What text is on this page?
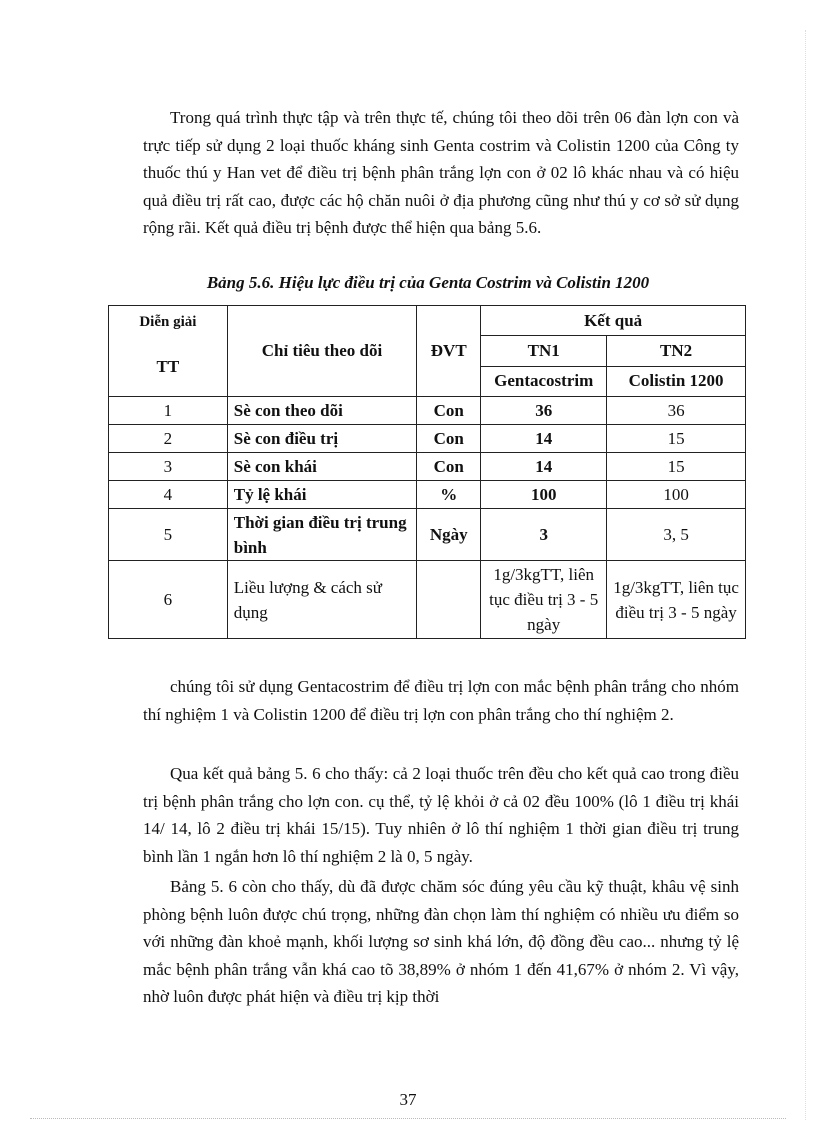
Trong quá trình thực tập và trên thực tế, chúng tôi theo dõi trên 06 đàn lợn con và trực tiếp sử dụng 2 loại thuốc kháng sinh Genta costrim và Colistin 1200 của Công ty thuốc thú y Han vet để điều trị bệnh phân trắng lợn con ở 02 lô khác nhau và có hiệu quả điều trị rất cao, được các hộ chăn nuôi ở địa phương cũng như thú y cơ sở sử dụng rộng rãi. Kết quả điều trị bệnh được thể hiện qua bảng 5.6.

Bảng 5.6. Hiệu lực điều trị của Genta Costrim và Colistin 1200

Diễn giải
TT	Chỉ tiêu theo dõi	ĐVT	Kết quả	
			TN1	TN2
			Gentacostrim	Colistin 1200
1	Sè con theo dõi	Con	36	36
2	Sè con điều trị	Con	14	15
3	Sè con khái	Con	14	15
4	Tỷ lệ khái	%	100	100
5	Thời gian điều trị trung bình	Ngày	3	3, 5
6	Liều lượng & cách sử dụng		1g/3kgTT, liên tục điều trị 3 - 5 ngày	1g/3kgTT, liên tục điều trị 3 - 5 ngày

chúng tôi sử dụng Gentacostrim để điều trị lợn con mắc bệnh phân trắng cho nhóm thí nghiệm 1 và Colistin 1200 để điều trị lợn con phân trắng cho thí nghiệm 2.

Qua kết quả bảng 5. 6 cho thấy: cả 2 loại thuốc trên đều cho kết quả cao trong điều trị bệnh phân trắng cho lợn con. cụ thể, tỷ lệ khỏi ở cả 02 đều 100% (lô 1 điều trị khái 14/ 14, lô 2 điều trị khái 15/15). Tuy nhiên ở lô thí nghiệm 1 thời gian điều trị trung bình lần 1 ngắn hơn lô thí nghiệm 2 là 0, 5 ngày.

Bảng 5. 6 còn cho thấy, dù đã được chăm sóc đúng yêu cầu kỹ thuật, khâu vệ sinh phòng bệnh luôn được chú trọng, những đàn chọn làm thí nghiệm có nhiều ưu điểm so với những đàn khoẻ mạnh, khối lượng sơ sinh khá lớn, độ đồng đều cao... nhưng tỷ lệ mắc bệnh phân trắng vẫn khá cao tõ 38,89% ở nhóm 1 đến 41,67% ở nhóm 2. Vì vậy, nhờ luôn được phát hiện và điều trị kịp thời

37
